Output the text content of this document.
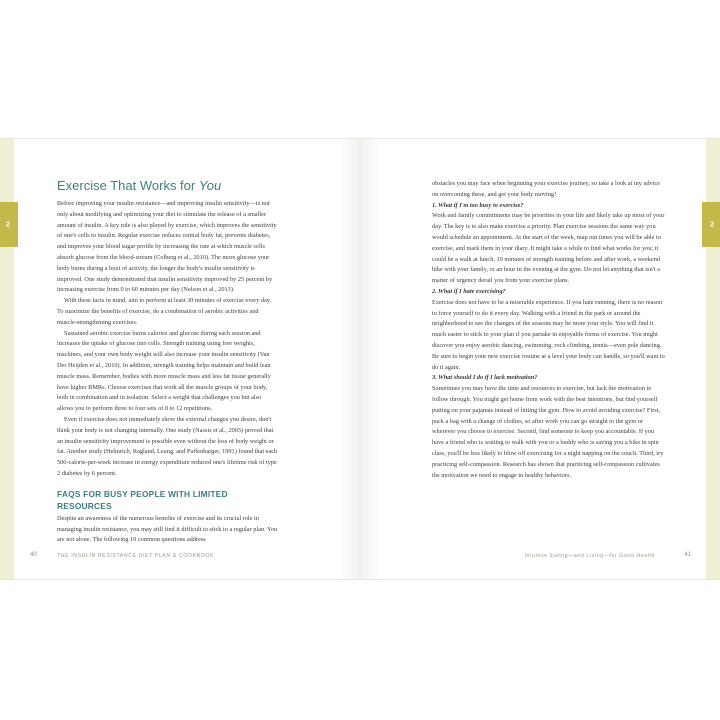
2	2
Exercise That Works for You

Before improving your insulin resistance—and improving insulin sensitivity—is not only about modifying and optimizing your diet to stimulate the release of a smaller amount of insulin. A key role is also played by exercise, which improves the sensitivity of one's cells to insulin. Regular exercise reduces central body fat, prevents diabetes, and improves your blood sugar profile by increasing the rate at which muscle cells absorb glucose from the blood-stream (Colberg et al., 2010). The more glucose your body burns during a bout of activity, the longer the body's insulin sensitivity is improved. One study demonstrated that insulin sensitivity improved by 25 percent by increasing exercise from 0 to 60 minutes per day (Nelson et al., 2013).

With these facts in mind, aim to perform at least 30 minutes of exercise every day. To maximize the benefits of exercise, do a combination of aerobic activities and muscle-strengthening exercises.

Sustained aerobic exercise burns calories and glucose during each session and increases the uptake of glucose into cells. Strength training using free weights, machines, and your own body weight will also increase your insulin sensitivity (Van Der Heijden et al., 2010). In addition, strength training helps maintain and build lean muscle mass. Remember, bodies with more muscle mass and less fat tissue generally have higher BMRs. Choose exercises that work all the muscle groups of your body, both in combination and in isolation. Select a weight that challenges you but also allows you to perform three to four sets of 8 to 12 repetitions.

Even if exercise does not immediately show the external changes you desire, don't think your body is not changing internally. One study (Nassis et al., 2005) proved that an insulin sensitivity improvement is possible even without the loss of body weight or fat. Another study (Helmrich, Ragland, Leung, and Paffenbarger, 1991) found that each 500-calorie-per-week increase in energy expenditure reduced one's lifetime risk of type 2 diabetes by 6 percent.

FAQS FOR BUSY PEOPLE WITH LIMITED RESOURCES

Despite an awareness of the numerous benefits of exercise and its crucial role in managing insulin resistance, you may still find it difficult to stick to a regular plan. You are not alone. The following 10 common questions address

obstacles you may face when beginning your exercise journey, so take a look at my advice on overcoming these, and get your body moving!

1. What if I'm too busy to exercise?

Work and family commitments may be priorities in your life and likely take up most of your day. The key is to also make exercise a priority. Plan exercise sessions the same way you would schedule an appointment. At the start of the week, map out times you will be able to exercise, and mark them in your diary. It might take a while to find what works for you; it could be a walk at lunch, 10 minutes of strength training before and after work, a weekend hike with your family, or an hour in the evening at the gym. Do not let anything that isn't a matter of urgency derail you from your exercise plans.

2. What if I hate exercising?

Exercise does not have to be a miserable experience. If you hate running, there is no reason to force yourself to do it every day. Walking with a friend in the park or around the neighborhood to see the changes of the seasons may be more your style. You will find it much easier to stick to your plan if you partake in enjoyable forms of exercise. You might discover you enjoy aerobic dancing, swimming, rock climbing, tennis—even pole dancing. Be sure to begin your new exercise routine at a level your body can handle, so you'll want to do it again.

3. What should I do if I lack motivation?

Sometimes you may have the time and resources to exercise, but lack the motivation to follow through. You might get home from work with the best intentions, but find yourself putting on your pajamas instead of hitting the gym. How to avoid avoiding exercise? First, pack a bag with a change of clothes, so after work you can go straight to the gym or wherever you choose to exercise. Second, find someone to keep you accountable. If you have a friend who is waiting to walk with you or a buddy who is saving you a bike in spin class, you'll be less likely to blow off exercising for a night napping on the couch. Third, try practicing self-compassion. Research has shown that practicing self-compassion cultivates the motivation we need to engage in healthy behaviors.

40	THE INSULIN RESISTANCE DIET PLAN & COOKBOOK	Intuitive Eating—and Living—for Good Health	41
